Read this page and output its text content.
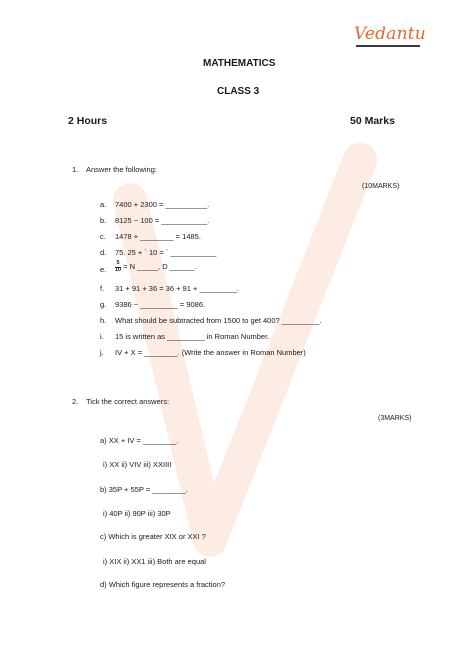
Vedantu
MATHEMATICS
CLASS 3
2 Hours	50 Marks
1. Answer the following:
(10MARKS)
a. 7400 + 2300 = __________.
b. 8125 − 100 = ___________.
c. 1478 + ________ = 1485.
d. 75. 25 + ` 10 = ` ___________
e. $\frac{5}{10} = N$ _____, D ______.
f. 31 + 91 + 36 = 36 + 91 + _________.
g. 9386 − _________ = 9086.
h. What should be subtracted from 1500 to get 400? _________.
i. 15 is written as _________ in Roman Number.
j. IV + X = ________. (Write the answer in Roman Number)
2. Tick the correct answers:
(3MARKS)
a) XX + IV = ________.
i) XX ii) VIV iii) XXIIII
b) 35P + 55P = ________.
i) 40P ii) 90P iii) 30P
c) Which is greater XIX or XXI ?
i) XIX ii) XX1 iii) Both are equal
d) Which figure represents a fraction?
